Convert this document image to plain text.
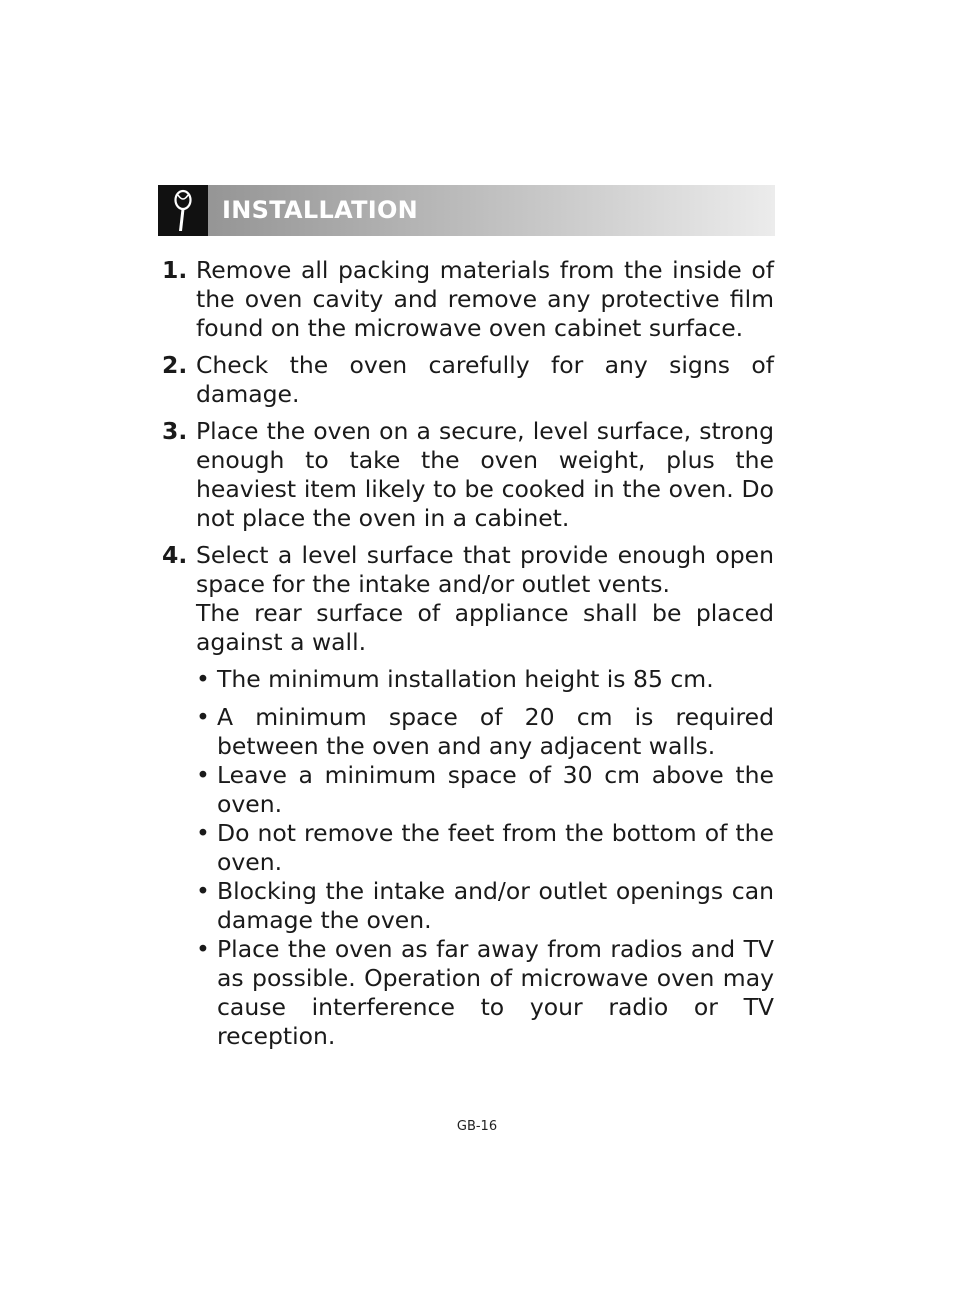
INSTALLATION
1. Remove all packing materials from the inside of the oven cavity and remove any protective film found on the microwave oven cabinet surface.

2. Check the oven carefully for any signs of damage.

3. Place the oven on a secure, level surface, strong enough to take the oven weight, plus the heaviest item likely to be cooked in the oven. Do not place the oven in a cabinet.

4. Select a level surface that provide enough open space for the intake and/or outlet vents.

The rear surface of appliance shall be placed against a wall.

• The minimum installation height is 85 cm.
• A minimum space of 20 cm is required between the oven and any adjacent walls.
• Leave a minimum space of 30 cm above the oven.
• Do not remove the feet from the bottom of the oven.
• Blocking the intake and/or outlet openings can damage the oven.
• Place the oven as far away from radios and TV as possible. Operation of microwave oven may cause interference to your radio or TV reception.
GB-16
